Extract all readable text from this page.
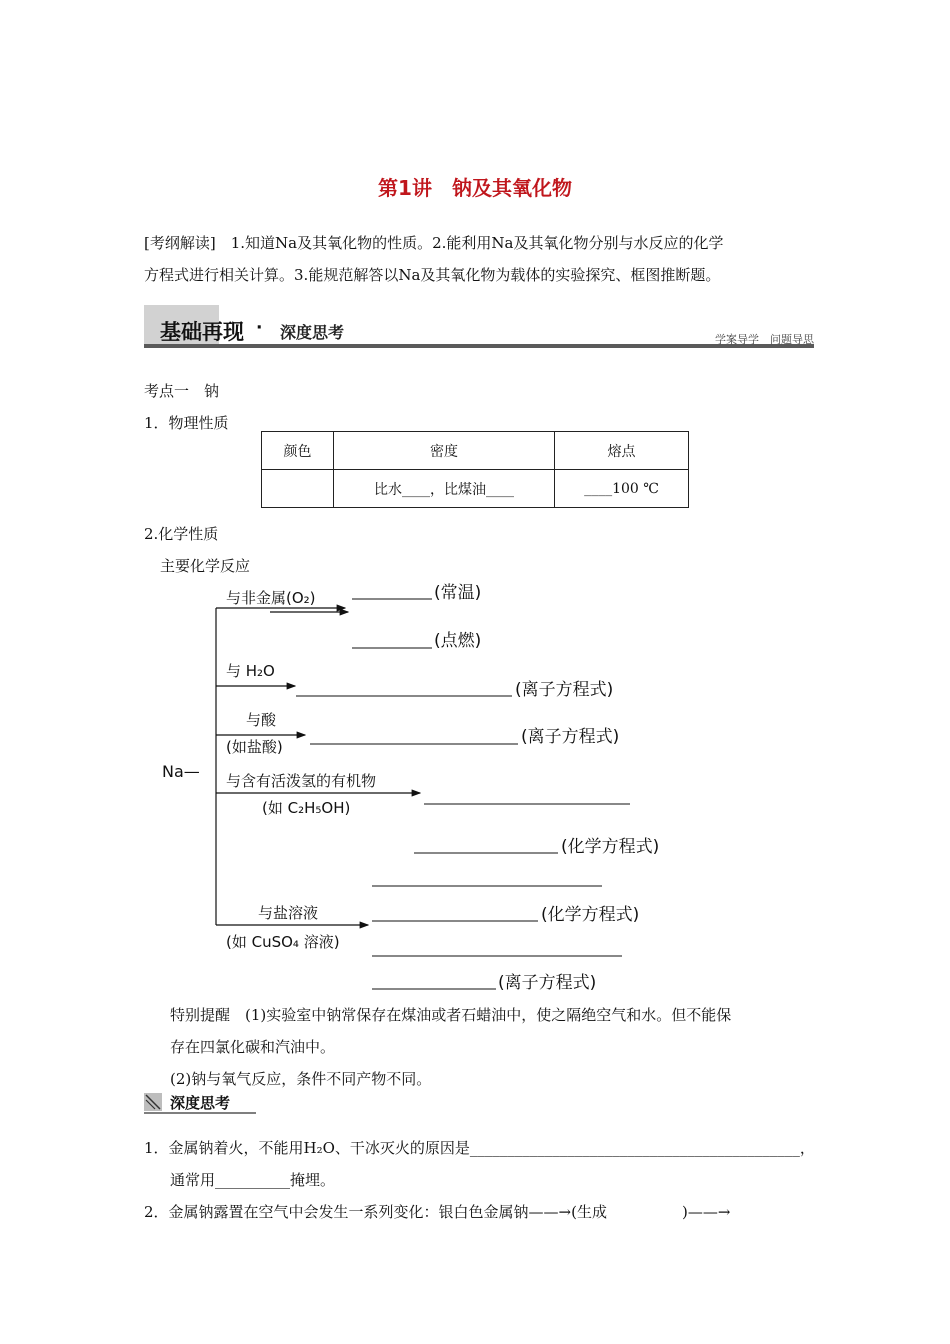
第1讲　钠及其氧化物
[考纲解读]　1.知道Na及其氧化物的性质。2.能利用Na及其氧化物分别与水反应的化学
方程式进行相关计算。3.能规范解答以Na及其氧化物为载体的实验探究、框图推断题。
基础再现 · 深度思考	学案导学　问题导思
考点一　钠
1．物理性质
颜色	密度	熔点
	比水____，比煤油____	____100 ℃
2.化学性质
主要化学反应
Na—
与非金属(O₂)	(常温)
(点燃)
与 H₂O
(离子方程式)
与酸
(如盐酸)	(离子方程式)
与含有活泼氢的有机物
(如 C₂H₅OH)
(化学方程式)
与盐溶液
(如 CuSO₄ 溶液)
(化学方程式)
(离子方程式)
特别提醒　(1)实验室中钠常保存在煤油或者石蜡油中，使之隔绝空气和水。但不能保
存在四氯化碳和汽油中。
(2)钠与氧气反应，条件不同产物不同。
深度思考
1．金属钠着火，不能用H₂O、干冰灭火的原因是____________________________________________，
通常用__________掩埋。
2．金属钠露置在空气中会发生一系列变化：银白色金属钠——→(生成　　　　　)——→
